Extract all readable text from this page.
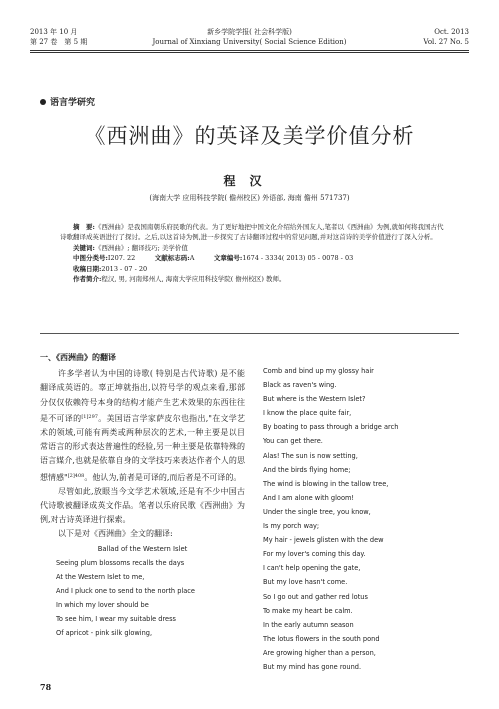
2013 年 10 月
第 27 卷　第 5 期
新乡学院学报( 社会科学版)
Journal of Xinxiang University( Social Science Edition)
Oct. 2013
Vol. 27 No. 5
语言学研究
《西洲曲》的英译及美学价值分析
程汉
(海南大学 应用科技学院( 儋州校区) 外语部, 海南 儋州 571737)

摘　要:《西洲曲》是我国南朝乐府民歌的代表。为了更好地把中国文化介绍给外国友人,笔者以《西洲曲》为例,就如何将我国古代诗歌翻译成英语进行了探讨。之后,以这首诗为例,进一步探究了古诗翻译过程中的常见问题,并对这首诗的美学价值进行了深入分析。

关键词:《西洲曲》; 翻译技巧; 美学价值

中图分类号:I207. 22　　　	文献标志码:A　　　	文章编号:1674 - 3334( 2013) 05 - 0078 - 03

收稿日期:2013 - 07 - 20

作者简介:程汉, 男, 河南郑州人, 海南大学应用科技学院( 儋州校区) 教师。

一、《西洲曲》的翻译

许多学者认为中国的诗歌( 特别是古代诗歌) 是不能翻译成英语的。辜正坤就指出,以符号学的观点来看,那部分仅仅依赖符号本身的结构才能产生艺术效果的东西往往是不可译的$^{[1]297}$。美国语言学家萨皮尔也指出,"在文学艺术的领域,可能有两类或两种层次的艺术,一种主要是以目常语言的形式表达普遍性的经验,另一种主要是依靠特殊的语言媒介,也就是依靠自身的文学技巧来表达作者个人的思想情感"$^{[2]408}$。他认为,前者是可译的,而后者是不可译的。

尽管如此,放眼当今文学艺术领域,还是有不少中国古代诗歌被翻译成英文作品。笔者以乐府民歌《西洲曲》为例,对古诗英译进行探索。

以下是对《西洲曲》全文的翻译:

Ballad of the Western Islet

Seeing plum blossoms recalls the days

At the Western Islet to me,

And I pluck one to send to the north place

In which my lover should be

To see him, I wear my suitable dress

Of apricot - pink silk glowing,

Comb and bind up my glossy hair
Black as raven's wing.
But where is the Western Islet?
I know the place quite fair,
By boating to pass through a bridge arch
You can get there.
Alas! The sun is now setting,
And the birds flying home;
The wind is blowing in the tallow tree,
And I am alone with gloom!
Under the single tree, you know,
Is my porch way;
My hair - jewels glisten with the dew
For my lover's coming this day.
I can't help opening the gate,
But my love hasn't come.
So I go out and gather red lotus
To make my heart be calm.
In the early autumn season
The lotus flowers in the south pond
Are growing higher than a person,
But my mind has gone round.
78
